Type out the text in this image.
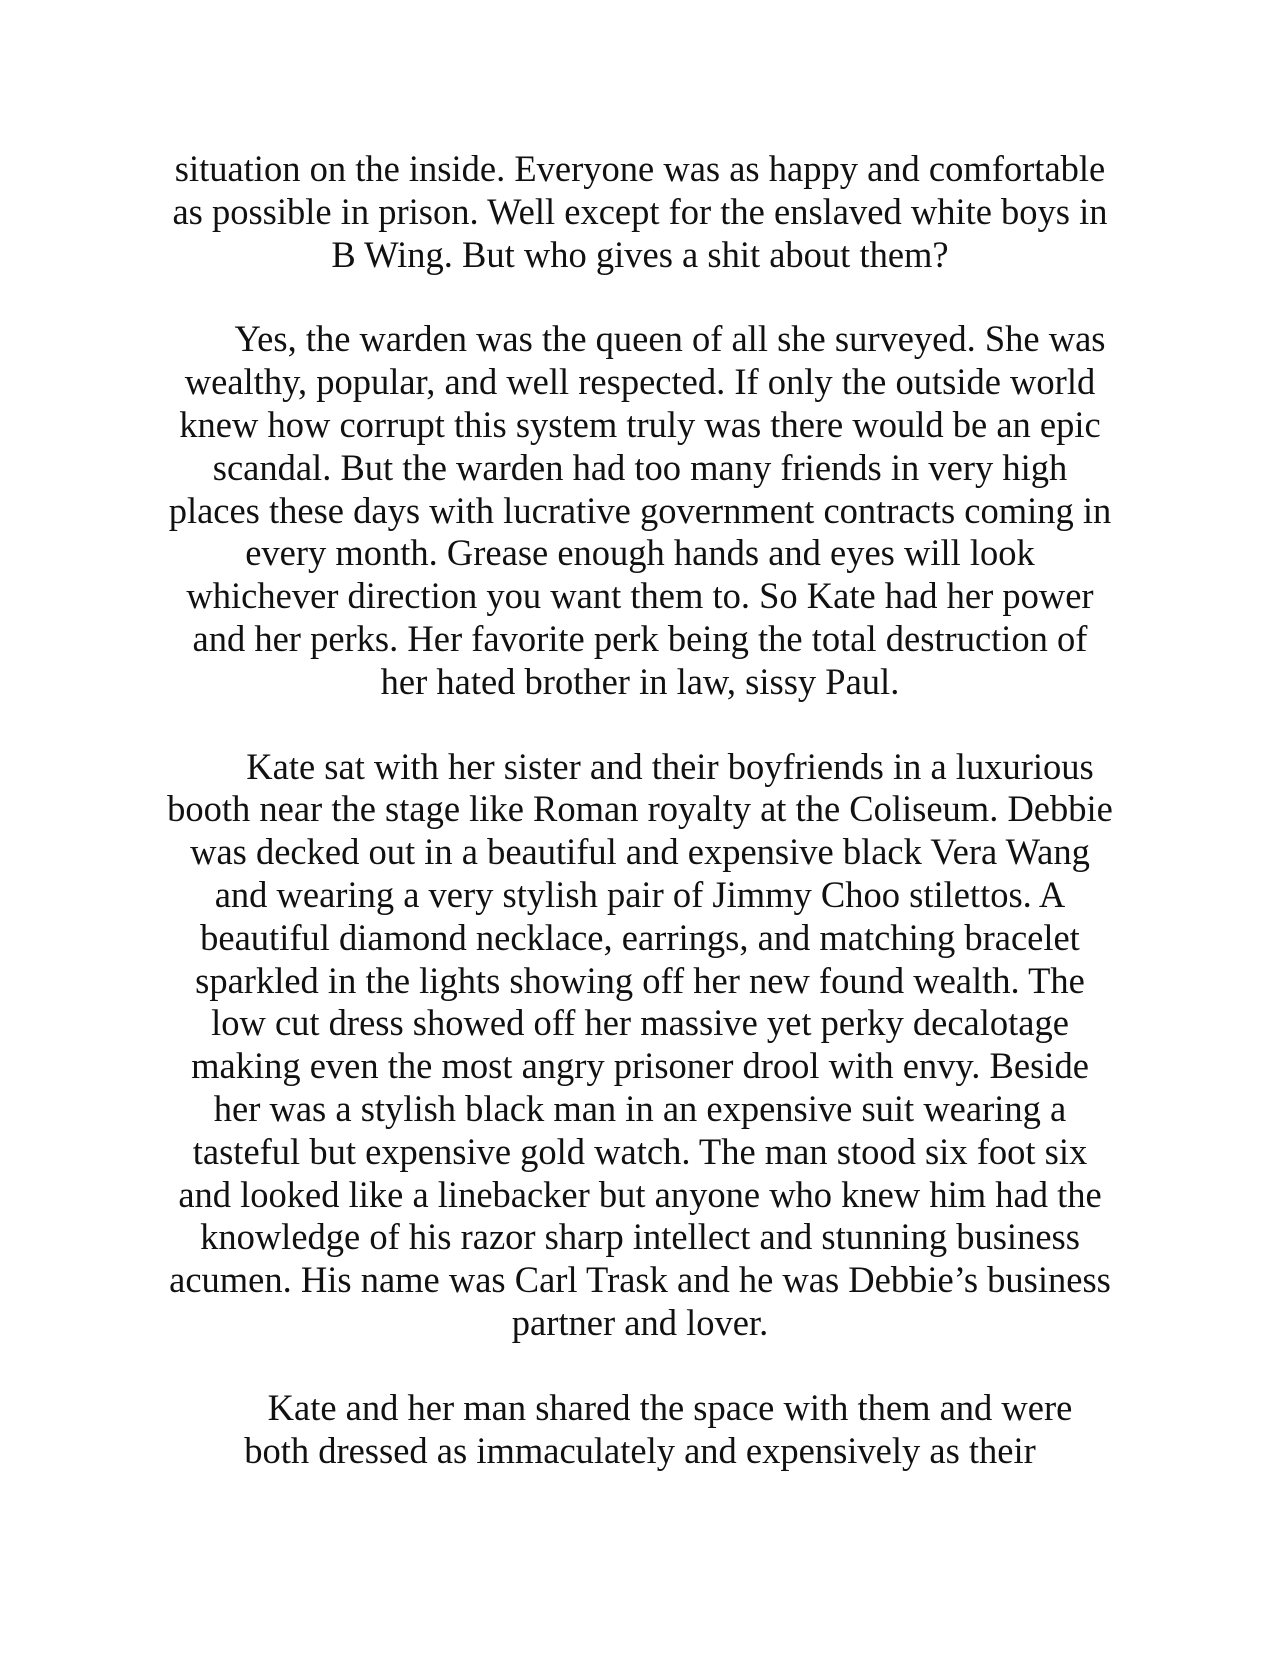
situation on the inside. Everyone was as happy and comfortable
as possible in prison. Well except for the enslaved white boys in
B Wing. But who gives a shit about them?

Yes, the warden was the queen of all she surveyed. She was
wealthy, popular, and well respected. If only the outside world
knew how corrupt this system truly was there would be an epic
scandal. But the warden had too many friends in very high
places these days with lucrative government contracts coming in
every month. Grease enough hands and eyes will look
whichever direction you want them to. So Kate had her power
and her perks. Her favorite perk being the total destruction of
her hated brother in law, sissy Paul.

Kate sat with her sister and their boyfriends in a luxurious
booth near the stage like Roman royalty at the Coliseum. Debbie
was decked out in a beautiful and expensive black Vera Wang
and wearing a very stylish pair of Jimmy Choo stilettos. A
beautiful diamond necklace, earrings, and matching bracelet
sparkled in the lights showing off her new found wealth. The
low cut dress showed off her massive yet perky decalotage
making even the most angry prisoner drool with envy. Beside
her was a stylish black man in an expensive suit wearing a
tasteful but expensive gold watch. The man stood six foot six
and looked like a linebacker but anyone who knew him had the
knowledge of his razor sharp intellect and stunning business
acumen. His name was Carl Trask and he was Debbie’s business
partner and lover.

Kate and her man shared the space with them and were
both dressed as immaculately and expensively as their
